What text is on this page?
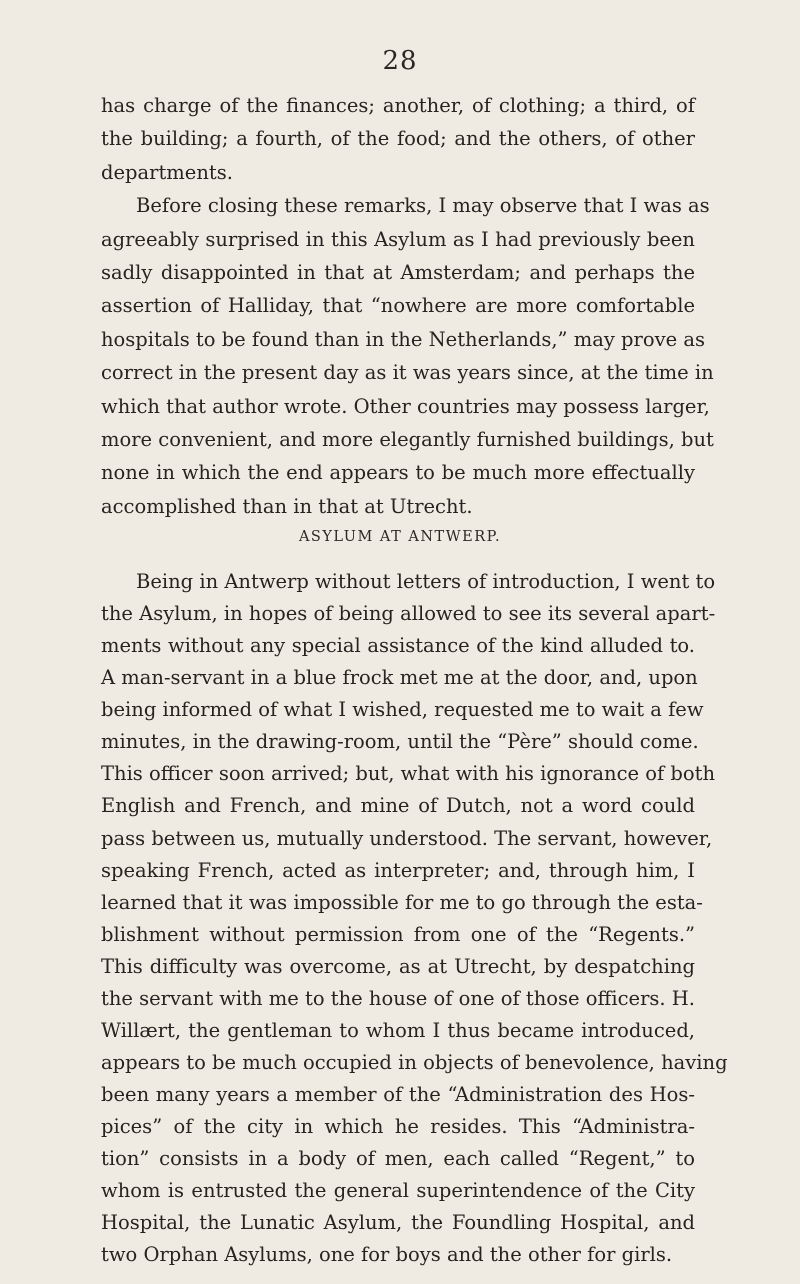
28
has charge of the finances; another, of clothing; a third, of
the building; a fourth, of the food; and the others, of other
departments.
Before closing these remarks, I may observe that I was as
agreeably surprised in this Asylum as I had previously been
sadly disappointed in that at Amsterdam; and perhaps the
assertion of Halliday, that “nowhere are more comfortable
hospitals to be found than in the Netherlands,” may prove as
correct in the present day as it was years since, at the time in
which that author wrote. Other countries may possess larger,
more convenient, and more elegantly furnished buildings, but
none in which the end appears to be much more effectually
accomplished than in that at Utrecht.
ASYLUM AT ANTWERP.
Being in Antwerp without letters of introduction, I went to
the Asylum, in hopes of being allowed to see its several apart-
ments without any special assistance of the kind alluded to.
A man-servant in a blue frock met me at the door, and, upon
being informed of what I wished, requested me to wait a few
minutes, in the drawing-room, until the “Père” should come.
This officer soon arrived; but, what with his ignorance of both
English and French, and mine of Dutch, not a word could
pass between us, mutually understood. The servant, however,
speaking French, acted as interpreter; and, through him, I
learned that it was impossible for me to go through the esta-
blishment without permission from one of the “Regents.”
This difficulty was overcome, as at Utrecht, by despatching
the servant with me to the house of one of those officers. H.
Willært, the gentleman to whom I thus became introduced,
appears to be much occupied in objects of benevolence, having
been many years a member of the “Administration des Hos-
pices” of the city in which he resides. This “Administra-
tion” consists in a body of men, each called “Regent,” to
whom is entrusted the general superintendence of the City
Hospital, the Lunatic Asylum, the Foundling Hospital, and
two Orphan Asylums, one for boys and the other for girls.
